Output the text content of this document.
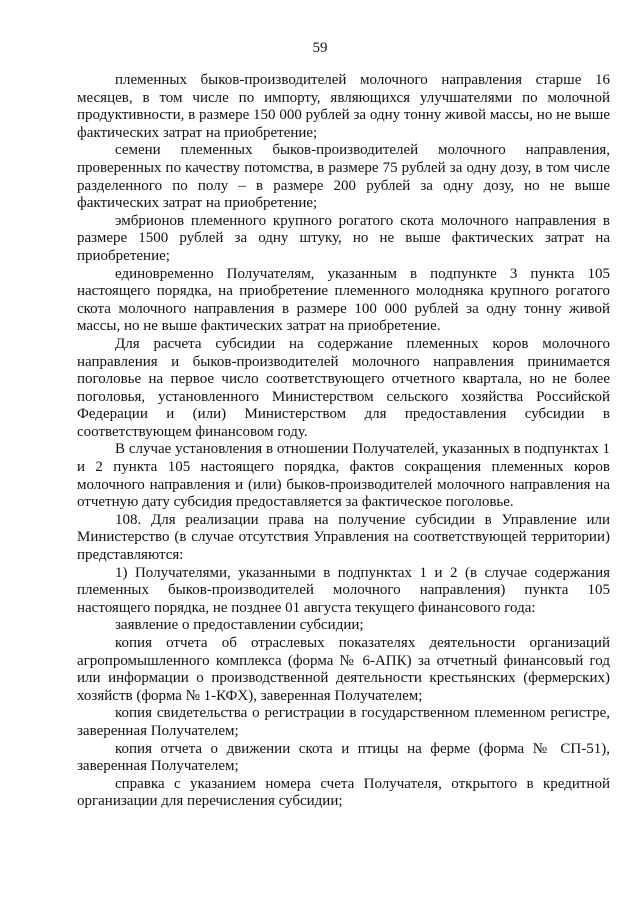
59

племенных быков-производителей молочного направления старше 16 месяцев, в том числе по импорту, являющихся улучшателями по молочной продуктивности, в размере 150 000 рублей за одну тонну живой массы, но не выше фактических затрат на приобретение;

семени племенных быков-производителей молочного направления, проверенных по качеству потомства, в размере 75 рублей за одну дозу, в том числе разделенного по полу – в размере 200 рублей за одну дозу, но не выше фактических затрат на приобретение;

эмбрионов племенного крупного рогатого скота молочного направления в размере 1500 рублей за одну штуку, но не выше фактических затрат на приобретение;

единовременно Получателям, указанным в подпункте 3 пункта 105 настоящего порядка, на приобретение племенного молодняка крупного рогатого скота молочного направления в размере 100 000 рублей за одну тонну живой массы, но не выше фактических затрат на приобретение.

Для расчета субсидии на содержание племенных коров молочного направления и быков-производителей молочного направления принимается поголовье на первое число соответствующего отчетного квартала, но не более поголовья, установленного Министерством сельского хозяйства Российской Федерации и (или) Министерством для предоставления субсидии в соответствующем финансовом году.

В случае установления в отношении Получателей, указанных в подпунктах 1 и 2 пункта 105 настоящего порядка, фактов сокращения племенных коров молочного направления и (или) быков-производителей молочного направления на отчетную дату субсидия предоставляется за фактическое поголовье.

108. Для реализации права на получение субсидии в Управление или Министерство (в случае отсутствия Управления на соответствующей территории) представляются:

1) Получателями, указанными в подпунктах 1 и 2 (в случае содержания племенных быков-производителей молочного направления) пункта 105 настоящего порядка, не позднее 01 августа текущего финансового года:

заявление о предоставлении субсидии;

копия отчета об отраслевых показателях деятельности организаций агропромышленного комплекса (форма № 6-АПК) за отчетный финансовый год или информации о производственной деятельности крестьянских (фермерских) хозяйств (форма № 1-КФХ), заверенная Получателем;

копия свидетельства о регистрации в государственном племенном регистре, заверенная Получателем;

копия отчета о движении скота и птицы на ферме (форма № СП-51), заверенная Получателем;

справка с указанием номера счета Получателя, открытого в кредитной организации для перечисления субсидии;
